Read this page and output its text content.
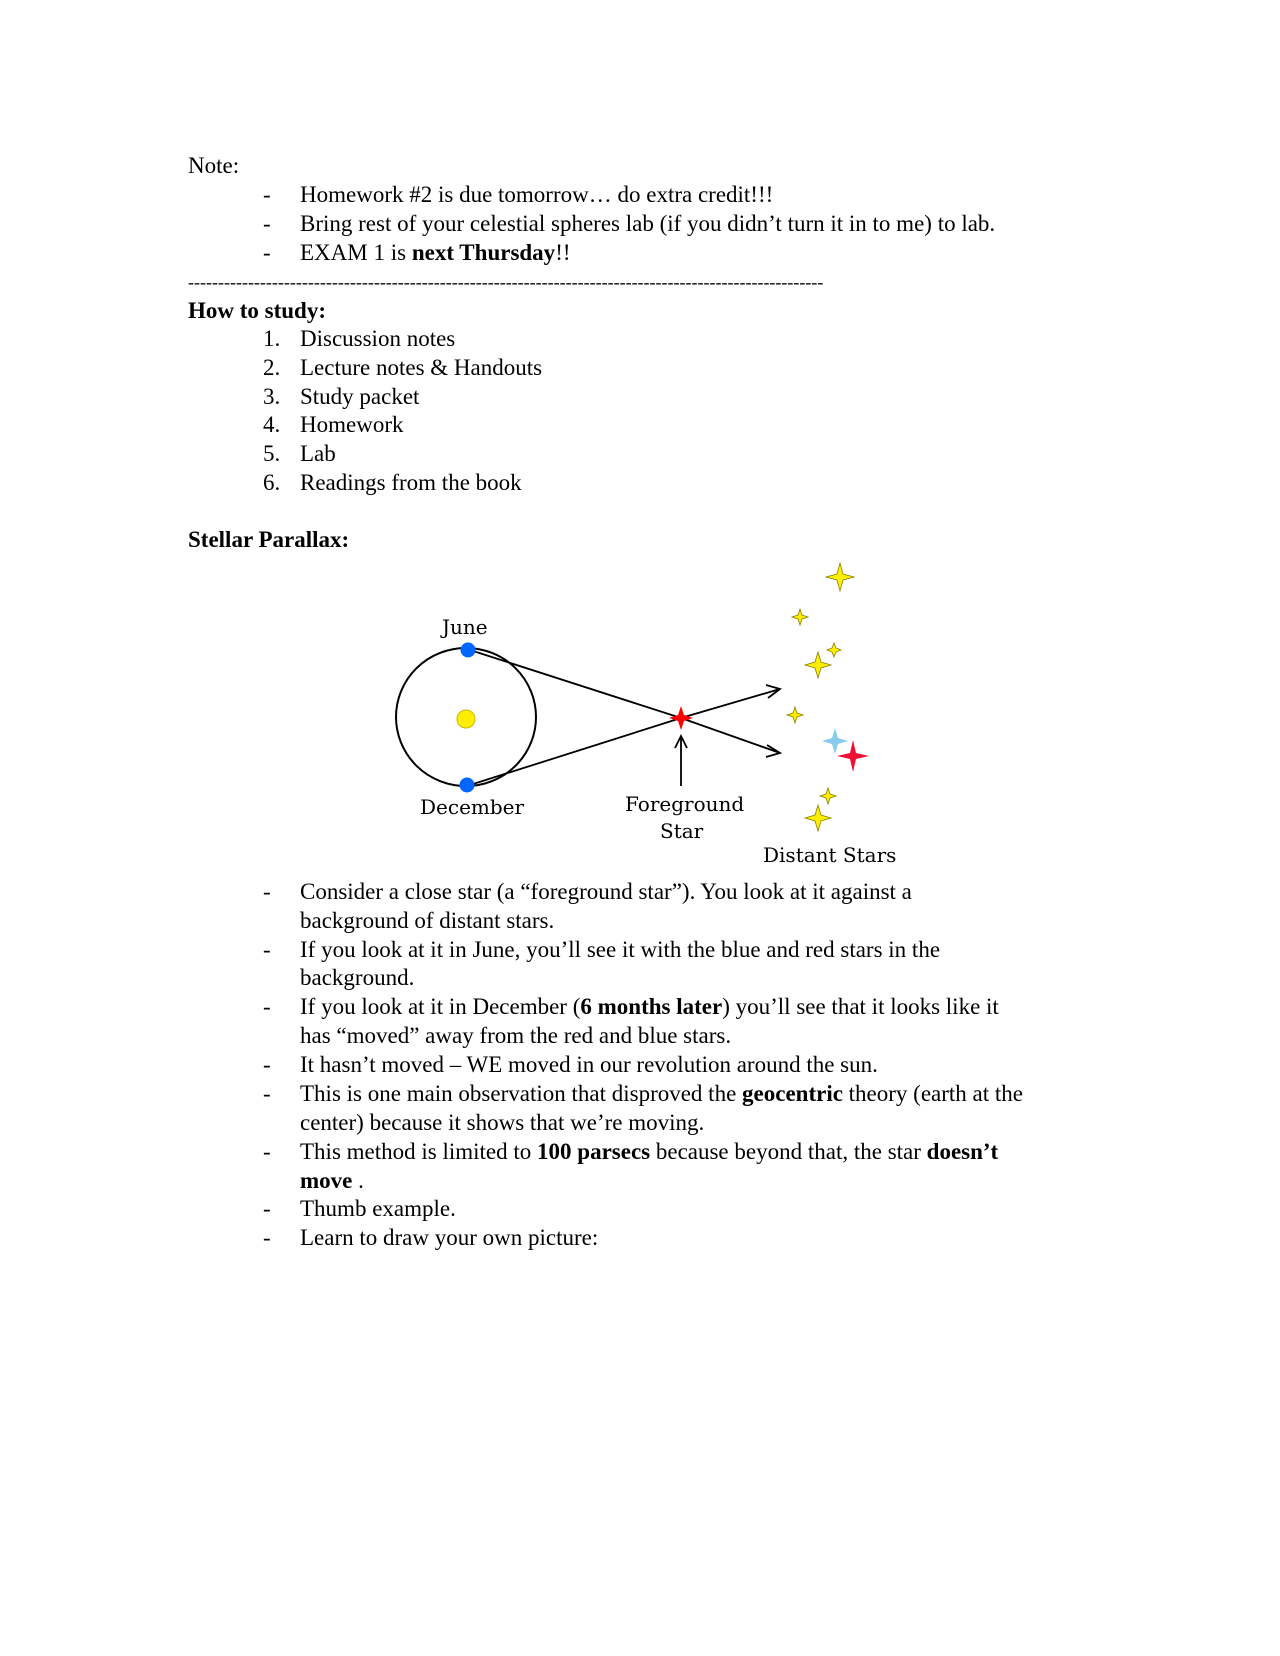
Note:
- Homework #2 is due tomorrow… do extra credit!!!
- Bring rest of your celestial spheres lab (if you didn’t turn it in to me) to lab.
- EXAM 1 is next Thursday!!
----------------------------------------------------------------------------------------------------------
How to study:
1. Discussion notes
2. Lecture notes & Handouts
3. Study packet
4. Homework
5. Lab
6. Readings from the book
Stellar Parallax:
June
December	Foreground
Star
Distant Stars
- Consider a close star (a “foreground star”). You look at it against a
background of distant stars.
- If you look at it in June, you’ll see it with the blue and red stars in the
background.
- If you look at it in December (6 months later) you’ll see that it looks like it
has “moved” away from the red and blue stars.
- It hasn’t moved – WE moved in our revolution around the sun.
- This is one main observation that disproved the geocentric theory (earth at the
center) because it shows that we’re moving.
- This method is limited to 100 parsecs because beyond that, the star doesn’t
move .
- Thumb example.
- Learn to draw your own picture:
